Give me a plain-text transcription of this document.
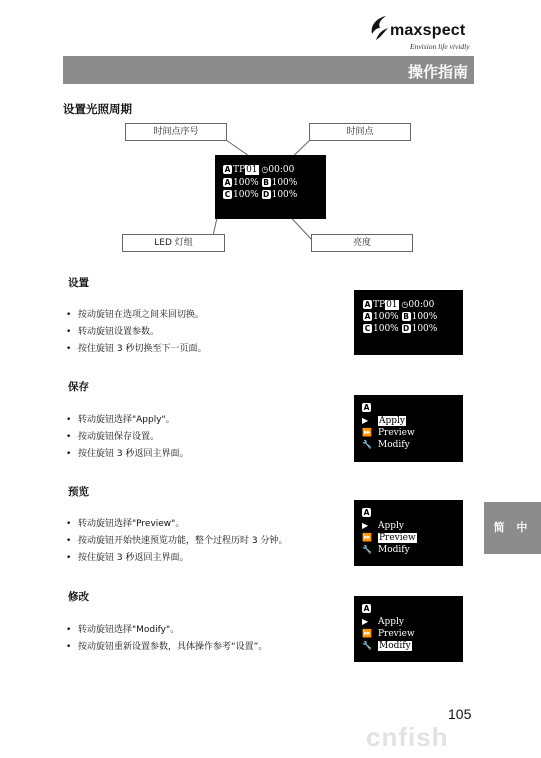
maxspect
Envision life vividly
操作指南
设置光照周期
时间点序号	时间点
LED 灯组	亮度
A TP01 ◷00:00
A 100% B 100%
C 100% D 100%
设置
• 按动旋钮在选项之间来回切换。
• 转动旋钮设置参数。
• 按住旋钮 3 秒切换至下一页面。
A TP01 ◷00:00
A 100% B 100%
C 100% D 100%
保存
• 转动旋钮选择"Apply"。
• 按动旋钮保存设置。
• 按住旋钮 3 秒返回主界面。
A
▶ Apply
⏩ Preview
🔧 Modify
预览
• 转动旋钮选择"Preview"。
• 按动旋钮开始快速预览功能，整个过程历时 3 分钟。
• 按住旋钮 3 秒返回主界面。
A
▶ Apply
⏩ Preview
🔧 Modify
修改
• 转动旋钮选择"Modify"。
• 按动旋钮重新设置参数，具体操作参考“设置”。
A
▶ Apply
⏩ Preview
🔧 Modify
简 中
105
cnfish
